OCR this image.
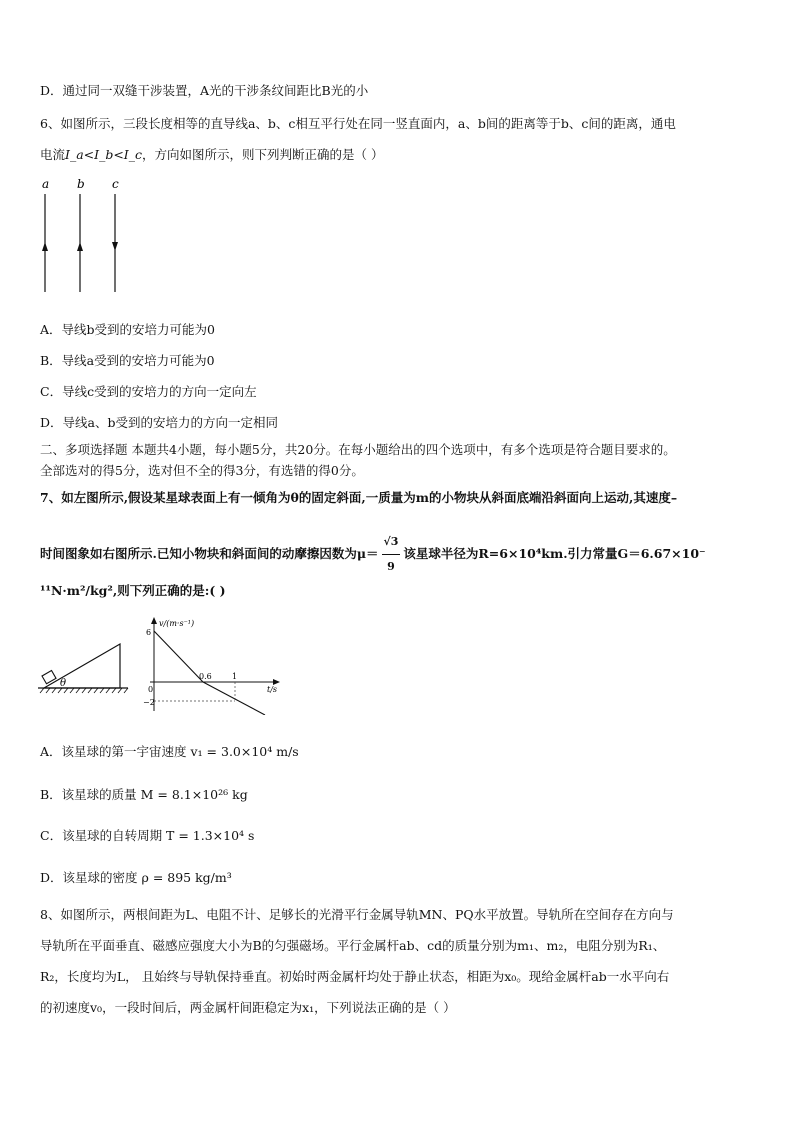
D．通过同一双缝干涉装置，A光的干涉条纹间距比B光的小
6、如图所示，三段长度相等的直导线a、b、c相互平行处在同一竖直面内，a、b间的距离等于b、c间的距离，通电
电流I_a<I_b<I_c，方向如图所示，则下列判断正确的是（ ）
a b c
A．导线b受到的安培力可能为0
B．导线a受到的安培力可能为0
C．导线c受到的安培力的方向一定向左
D．导线a、b受到的安培力的方向一定相同
二、多项选择题 本题共4小题，每小题5分，共20分。在每小题给出的四个选项中，有多个选项是符合题目要求的。
全部选对的得5分，选对但不全的得3分，有选错的得0分。
7、如左图所示,假设某星球表面上有一倾角为θ的固定斜面,一质量为m的小物块从斜面底端沿斜面向上运动,其速度–
时间图象如右图所示.已知小物块和斜面间的动摩擦因数为$\mu= \frac{√3}{9}$ 该星球半径为R=6×10⁴km.引力常量G＝6.67×10⁻
¹¹N·m²/kg²,则下列正确的是:( )
θ
v/(m·s⁻¹)
t/s
6
0
−2
0.6	1
A．该星球的第一宇宙速度 v₁ = 3.0×10⁴ m/s
B．该星球的质量 M = 8.1×10²⁶ kg
C．该星球的自转周期 T = 1.3×10⁴ s
D．该星球的密度 ρ = 895 kg/m³
8、如图所示，两根间距为L、电阻不计、足够长的光滑平行金属导轨MN、PQ水平放置。导轨所在空间存在方向与
导轨所在平面垂直、磁感应强度大小为B的匀强磁场。平行金属杆ab、cd的质量分别为m₁、m₂，电阻分别为R₁、
R₂，长度均为L， 且始终与导轨保持垂直。初始时两金属杆均处于静止状态，相距为x₀。现给金属杆ab一水平向右
的初速度v₀，一段时间后，两金属杆间距稳定为x₁，下列说法正确的是（ ）
